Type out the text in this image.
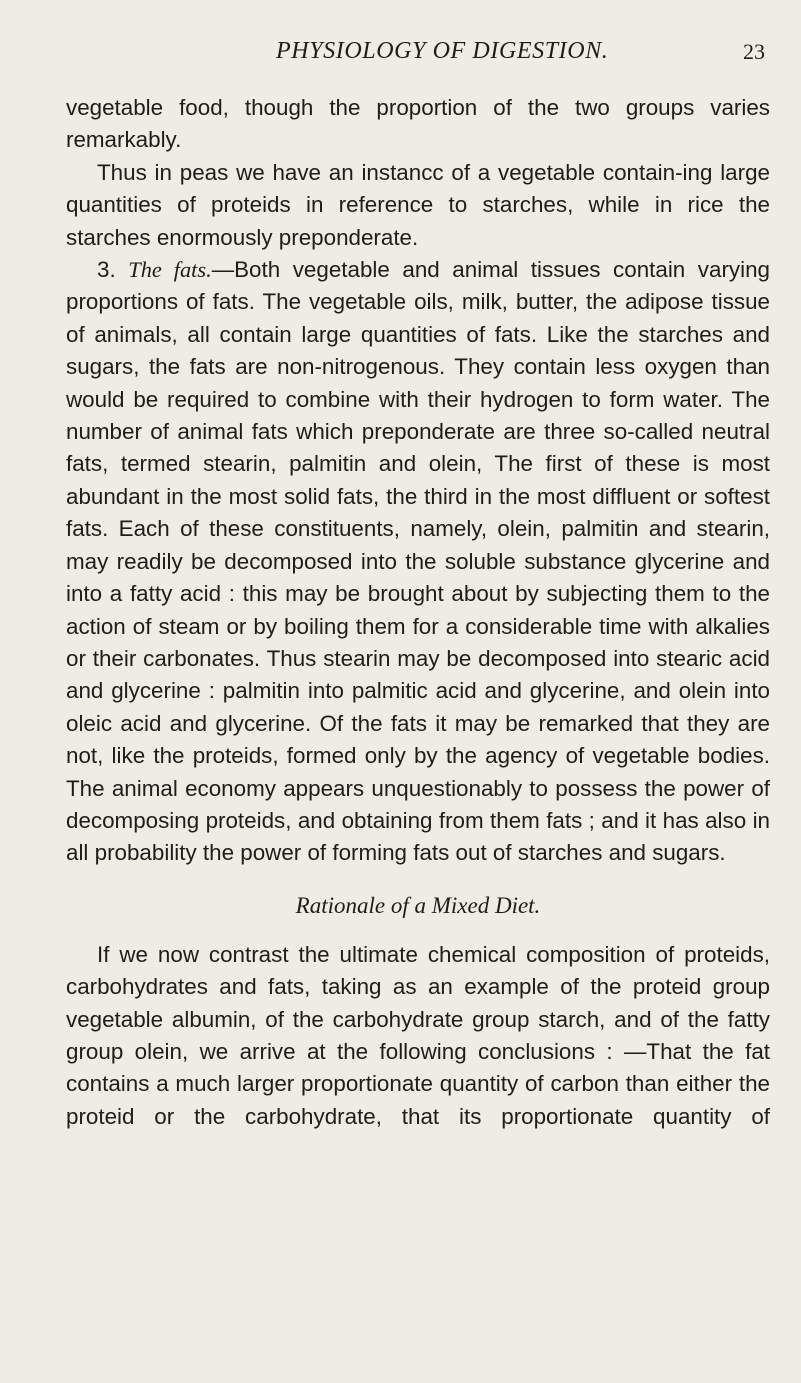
PHYSIOLOGY OF DIGESTION.	23

vegetable food, though the proportion of the two groups varies remarkably.

Thus in peas we have an instancc of a vegetable contain-ing large quantities of proteids in reference to starches, while in rice the starches enormously preponderate.

3. The fats.—Both vegetable and animal tissues contain varying proportions of fats. The vegetable oils, milk, butter, the adipose tissue of animals, all contain large quantities of fats. Like the starches and sugars, the fats are non-nitrogenous. They contain less oxygen than would be required to combine with their hydrogen to form water. The number of animal fats which preponderate are three so-called neutral fats, termed stearin, palmitin and olein, The first of these is most abundant in the most solid fats, the third in the most diffluent or softest fats. Each of these constituents, namely, olein, palmitin and stearin, may readily be decomposed into the soluble substance glycerine and into a fatty acid : this may be brought about by subjecting them to the action of steam or by boiling them for a considerable time with alkalies or their carbonates. Thus stearin may be decomposed into stearic acid and glycerine : palmitin into palmitic acid and glycerine, and olein into oleic acid and glycerine. Of the fats it may be remarked that they are not, like the proteids, formed only by the agency of vegetable bodies. The animal economy appears unquestionably to possess the power of decomposing proteids, and obtaining from them fats ; and it has also in all probability the power of forming fats out of starches and sugars.

Rationale of a Mixed Diet.

If we now contrast the ultimate chemical composition of proteids, carbohydrates and fats, taking as an example of the proteid group vegetable albumin, of the carbohydrate group starch, and of the fatty group olein, we arrive at the following conclusions : —That the fat contains a much larger proportionate quantity of carbon than either the proteid or the carbohydrate, that its proportionate quantity of
